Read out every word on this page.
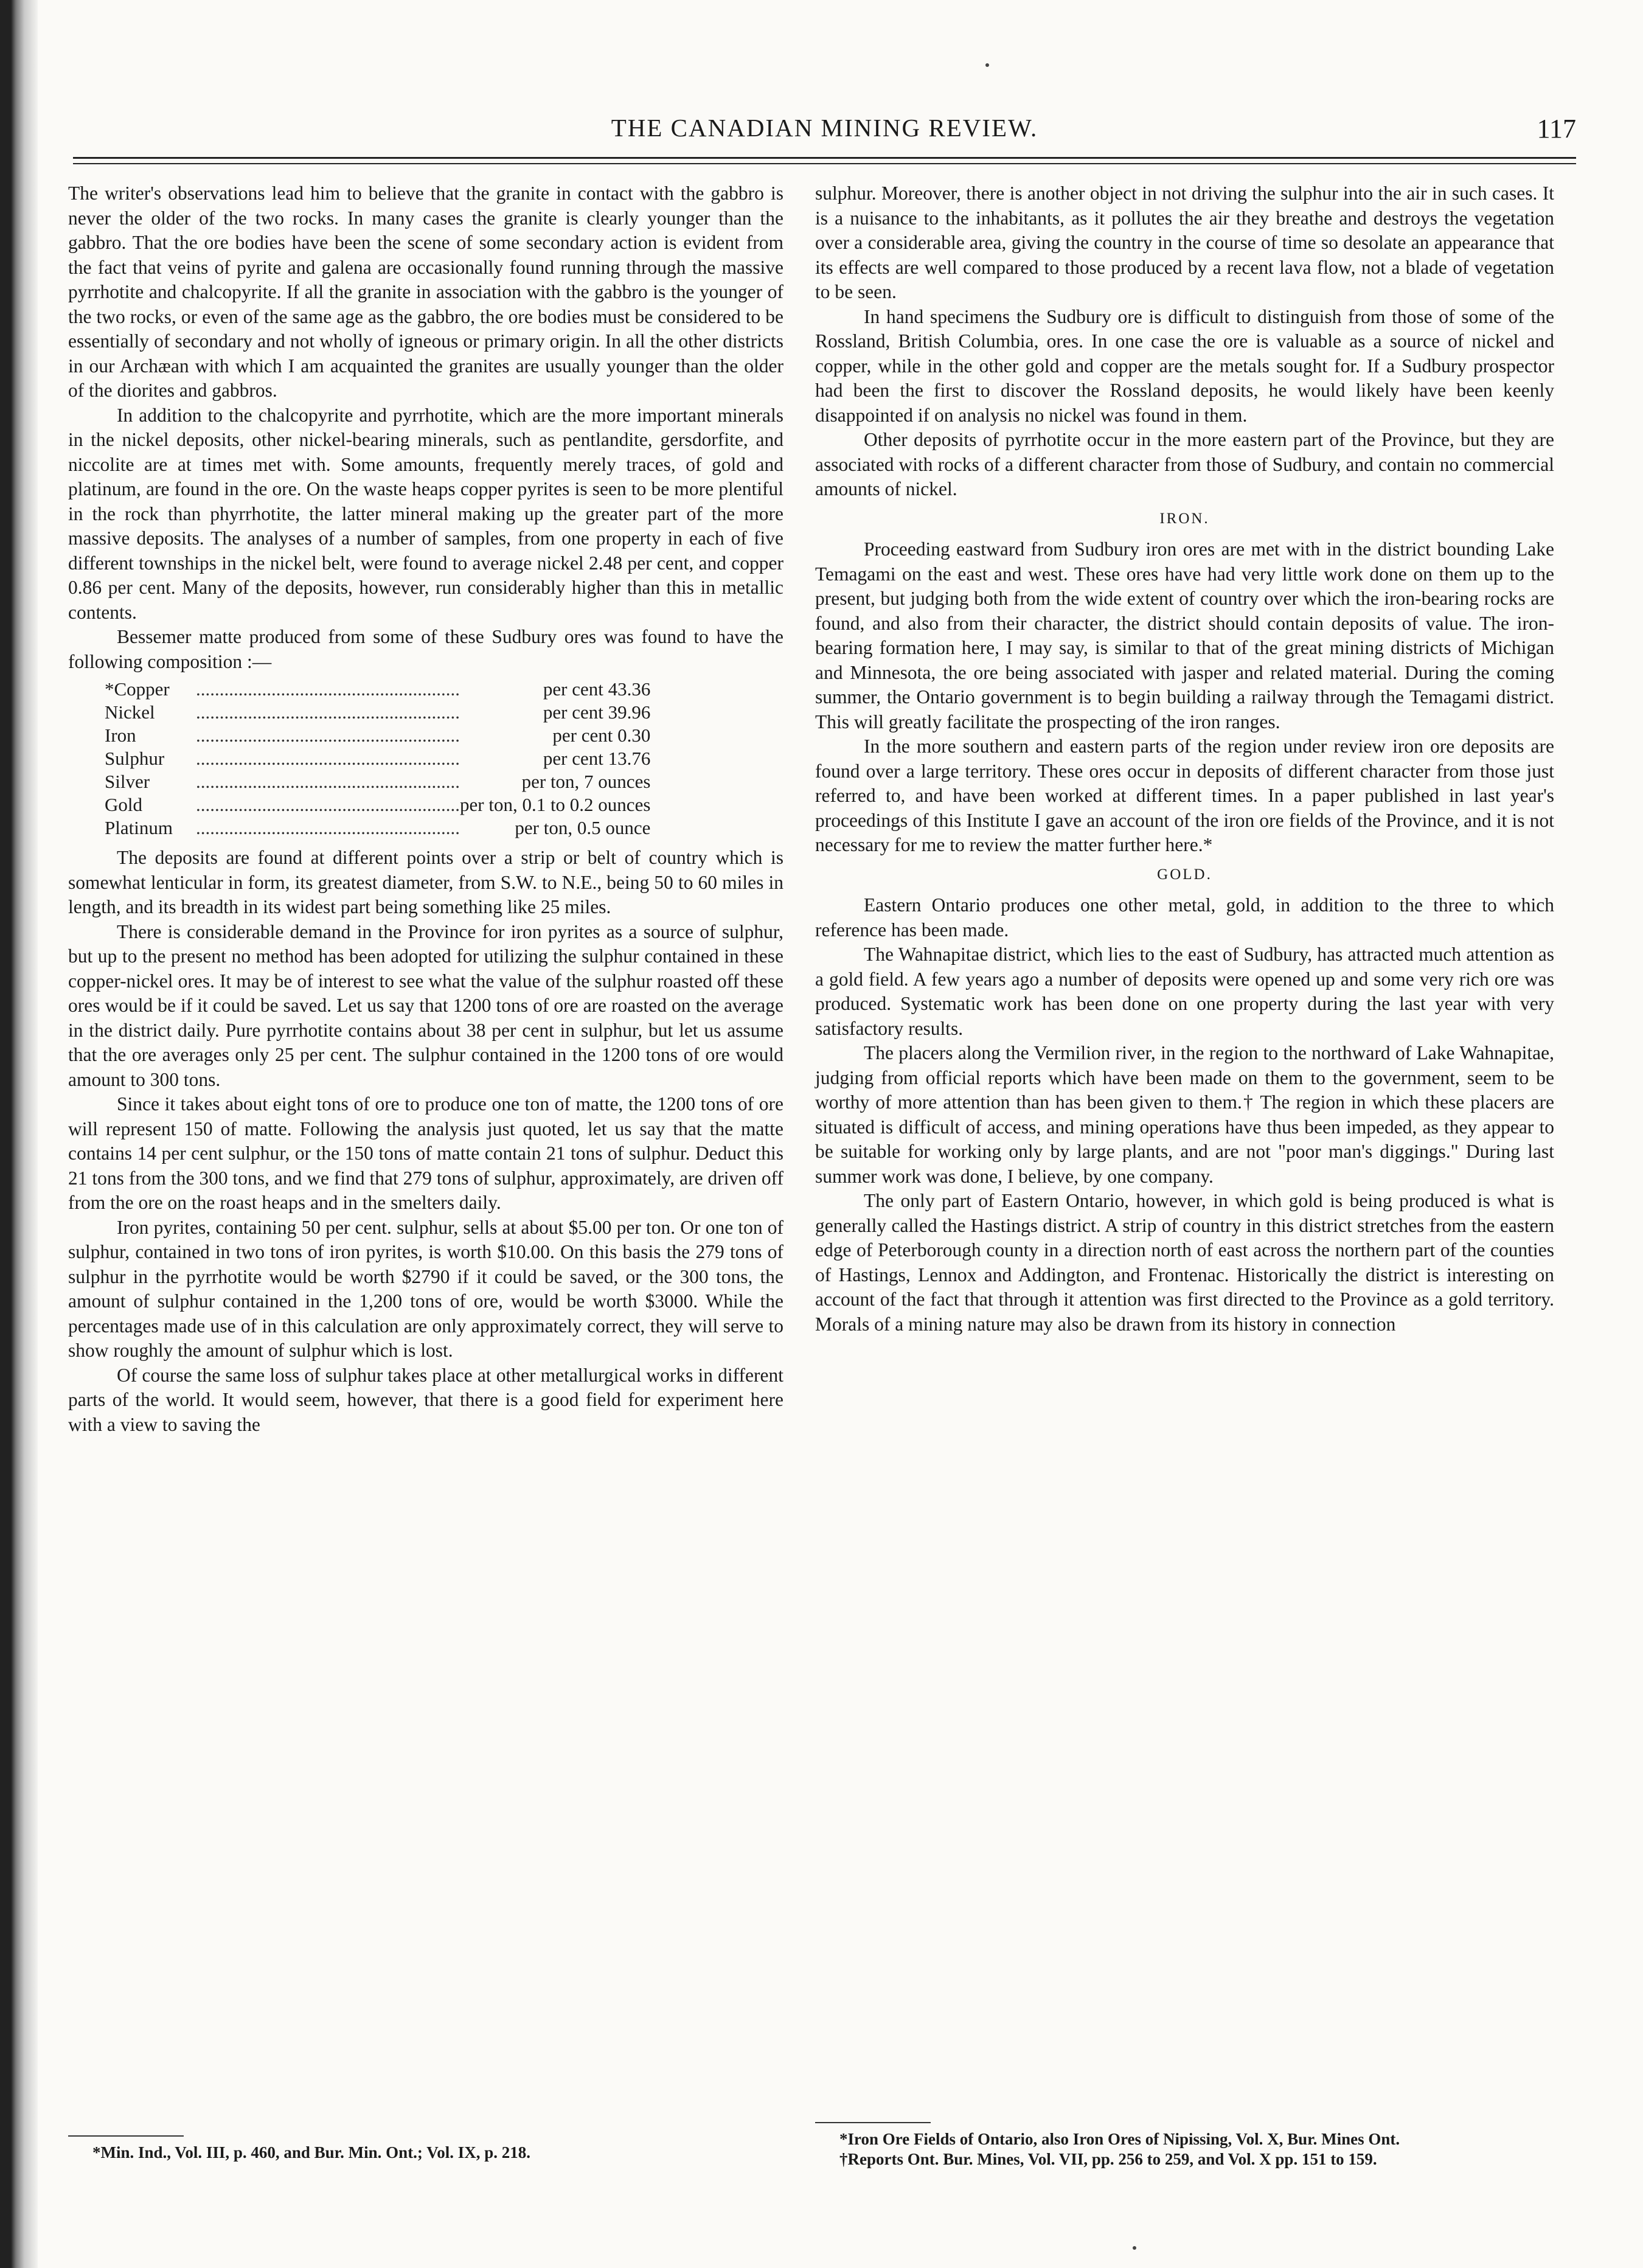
THE CANADIAN MINING REVIEW.	117

The writer's observations lead him to believe that the granite in contact with the gabbro is never the older of the two rocks. In many cases the granite is clearly younger than the gabbro. That the ore bodies have been the scene of some secondary action is evident from the fact that veins of pyrite and galena are occasionally found running through the massive pyrrhotite and chalcopyrite. If all the granite in association with the gabbro is the younger of the two rocks, or even of the same age as the gabbro, the ore bodies must be considered to be essentially of secondary and not wholly of igneous or primary origin. In all the other districts in our Archæan with which I am acquainted the granites are usually younger than the older of the diorites and gabbros.

In addition to the chalcopyrite and pyrrhotite, which are the more important minerals in the nickel deposits, other nickel-bearing minerals, such as pentlandite, gersdorfite, and niccolite are at times met with. Some amounts, frequently merely traces, of gold and platinum, are found in the ore. On the waste heaps copper pyrites is seen to be more plentiful in the rock than phyrrhotite, the latter mineral making up the greater part of the more massive deposits. The analyses of a number of samples, from one property in each of five different townships in the nickel belt, were found to average nickel 2.48 per cent, and copper 0.86 per cent. Many of the deposits, however, run considerably higher than this in metallic contents.

Bessemer matte produced from some of these Sudbury ores was found to have the following composition :—

*Copper	........................................................	per cent 43.36
Nickel	........................................................	per cent 39.96
Iron	........................................................	per cent 0.30
Sulphur	........................................................	per cent 13.76
Silver	........................................................	per ton, 7 ounces
Gold	........................................................	per ton, 0.1 to 0.2 ounces
Platinum	........................................................	per ton, 0.5 ounce

The deposits are found at different points over a strip or belt of country which is somewhat lenticular in form, its greatest diameter, from S.W. to N.E., being 50 to 60 miles in length, and its breadth in its widest part being something like 25 miles.

There is considerable demand in the Province for iron pyrites as a source of sulphur, but up to the present no method has been adopted for utilizing the sulphur contained in these copper-nickel ores. It may be of interest to see what the value of the sulphur roasted off these ores would be if it could be saved. Let us say that 1200 tons of ore are roasted on the average in the district daily. Pure pyrrhotite contains about 38 per cent in sulphur, but let us assume that the ore averages only 25 per cent. The sulphur contained in the 1200 tons of ore would amount to 300 tons.

Since it takes about eight tons of ore to produce one ton of matte, the 1200 tons of ore will represent 150 of matte. Following the analysis just quoted, let us say that the matte contains 14 per cent sulphur, or the 150 tons of matte contain 21 tons of sulphur. Deduct this 21 tons from the 300 tons, and we find that 279 tons of sulphur, approximately, are driven off from the ore on the roast heaps and in the smelters daily.

Iron pyrites, containing 50 per cent. sulphur, sells at about $5.00 per ton. Or one ton of sulphur, contained in two tons of iron pyrites, is worth $10.00. On this basis the 279 tons of sulphur in the pyrrhotite would be worth $2790 if it could be saved, or the 300 tons, the amount of sulphur contained in the 1,200 tons of ore, would be worth $3000. While the percentages made use of in this calculation are only approximately correct, they will serve to show roughly the amount of sulphur which is lost.

Of course the same loss of sulphur takes place at other metallurgical works in different parts of the world. It would seem, however, that there is a good field for experiment here with a view to saving the

*Min. Ind., Vol. III, p. 460, and Bur. Min. Ont.; Vol. IX, p. 218.

sulphur. Moreover, there is another object in not driving the sulphur into the air in such cases. It is a nuisance to the inhabitants, as it pollutes the air they breathe and destroys the vegetation over a considerable area, giving the country in the course of time so desolate an appearance that its effects are well compared to those produced by a recent lava flow, not a blade of vegetation to be seen.

In hand specimens the Sudbury ore is difficult to distinguish from those of some of the Rossland, British Columbia, ores. In one case the ore is valuable as a source of nickel and copper, while in the other gold and copper are the metals sought for. If a Sudbury prospector had been the first to discover the Rossland deposits, he would likely have been keenly disappointed if on analysis no nickel was found in them.

Other deposits of pyrrhotite occur in the more eastern part of the Province, but they are associated with rocks of a different character from those of Sudbury, and contain no commercial amounts of nickel.

IRON.

Proceeding eastward from Sudbury iron ores are met with in the district bounding Lake Temagami on the east and west. These ores have had very little work done on them up to the present, but judging both from the wide extent of country over which the iron-bearing rocks are found, and also from their character, the district should contain deposits of value. The iron-bearing formation here, I may say, is similar to that of the great mining districts of Michigan and Minnesota, the ore being associated with jasper and related material. During the coming summer, the Ontario government is to begin building a railway through the Temagami district. This will greatly facilitate the prospecting of the iron ranges.

In the more southern and eastern parts of the region under review iron ore deposits are found over a large territory. These ores occur in deposits of different character from those just referred to, and have been worked at different times. In a paper published in last year's proceedings of this Institute I gave an account of the iron ore fields of the Province, and it is not necessary for me to review the matter further here.*

GOLD.

Eastern Ontario produces one other metal, gold, in addition to the three to which reference has been made.

The Wahnapitae district, which lies to the east of Sudbury, has attracted much attention as a gold field. A few years ago a number of deposits were opened up and some very rich ore was produced. Systematic work has been done on one property during the last year with very satisfactory results.

The placers along the Vermilion river, in the region to the northward of Lake Wahnapitae, judging from official reports which have been made on them to the government, seem to be worthy of more attention than has been given to them.† The region in which these placers are situated is difficult of access, and mining operations have thus been impeded, as they appear to be suitable for working only by large plants, and are not "poor man's diggings." During last summer work was done, I believe, by one company.

The only part of Eastern Ontario, however, in which gold is being produced is what is generally called the Hastings district. A strip of country in this district stretches from the eastern edge of Peterborough county in a direction north of east across the northern part of the counties of Hastings, Lennox and Addington, and Frontenac. Historically the district is interesting on account of the fact that through it attention was first directed to the Province as a gold territory. Morals of a mining nature may also be drawn from its history in connection

*Iron Ore Fields of Ontario, also Iron Ores of Nipissing, Vol. X, Bur. Mines Ont.

†Reports Ont. Bur. Mines, Vol. VII, pp. 256 to 259, and Vol. X pp. 151 to 159.
